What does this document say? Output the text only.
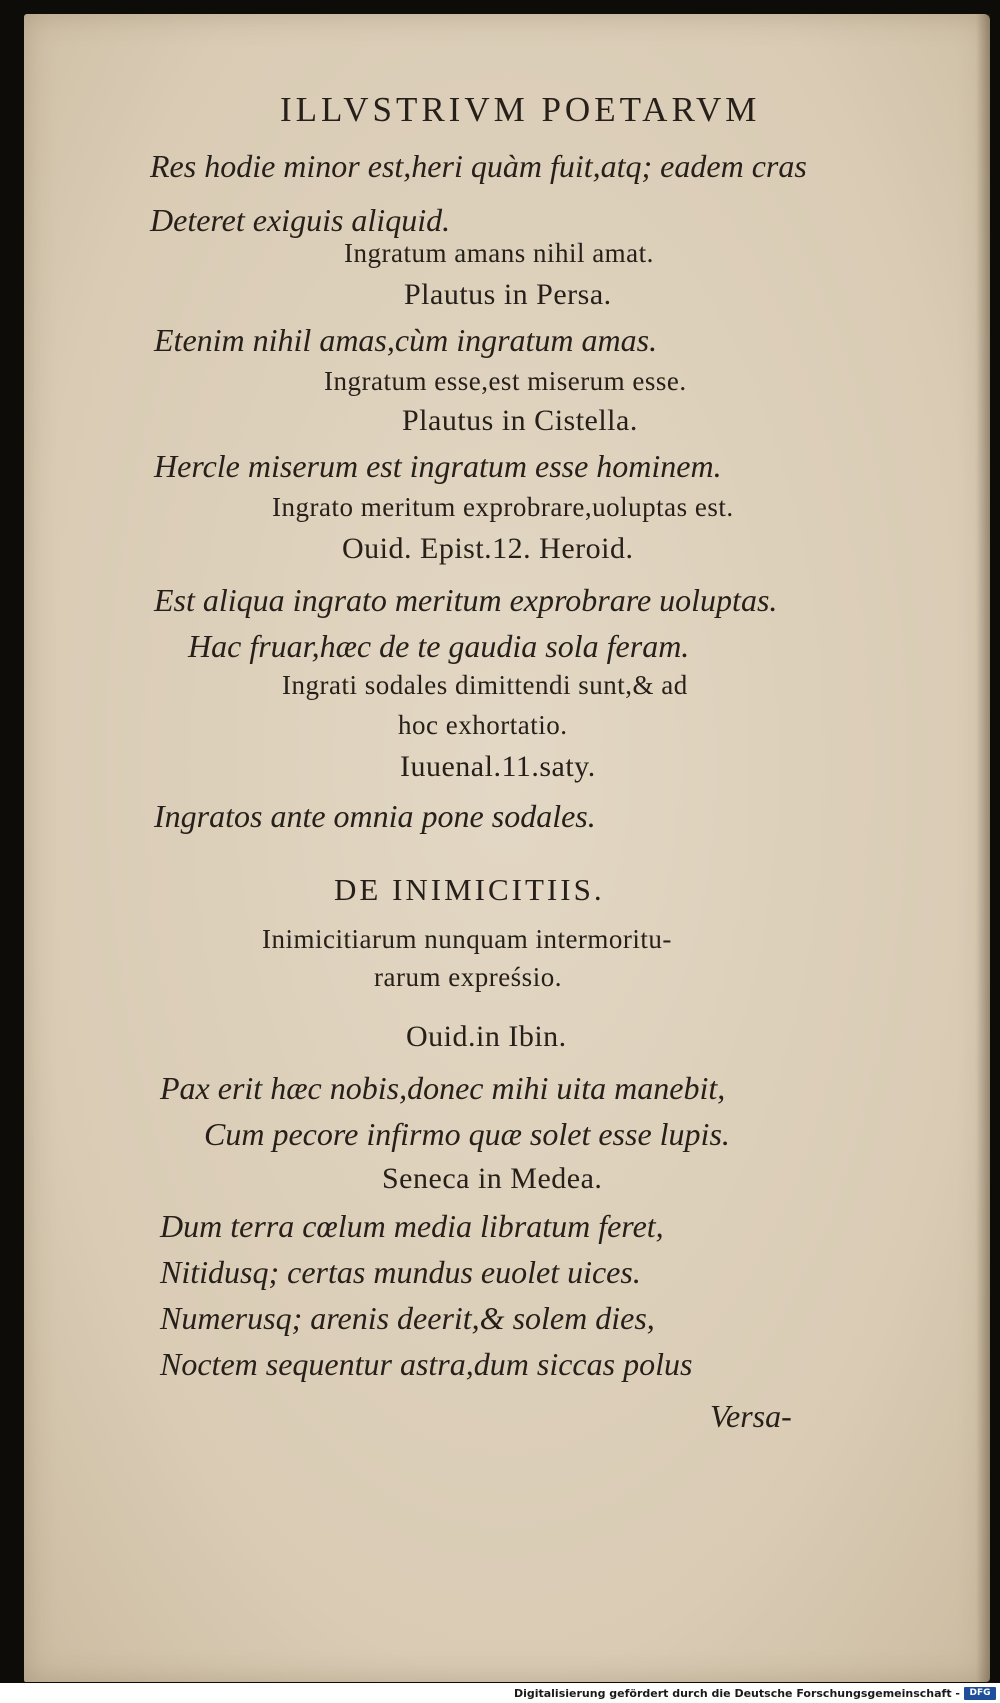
ILLVSTRIVM POETARVM
Res hodie minor est,heri quàm fuit,atq; eadem cras
Deteret exiguis aliquid.
Ingratum amans nihil amat.
Plautus in Persa.
Etenim nihil amas,cùm ingratum amas.
Ingratum esse,est miserum esse.
Plautus in Cistella.
Hercle miserum est ingratum esse hominem.
Ingrato meritum exprobrare,uoluptas est.
Ouid. Epist.12. Heroid.
Est aliqua ingrato meritum exprobrare uoluptas.
Hac fruar,hæc de te gaudia sola feram.
Ingrati sodales dimittendi sunt,& ad
hoc exhortatio.
Iuuenal.11.saty.
Ingratos ante omnia pone sodales.
DE INIMICITIIS.
Inimicitiarum nunquam intermoritu-
rarum expreśsio.
Ouid.in Ibin.
Pax erit hæc nobis,donec mihi uita manebit,
Cum pecore infirmo quæ solet esse lupis.
Seneca in Medea.
Dum terra cœlum media libratum feret,
Nitidusq; certas mundus euolet uices.
Numerusq; arenis deerit,& solem dies,
Noctem sequentur astra,dum siccas polus
Versa-
Digitalisierung gefördert durch die Deutsche Forschungsgemeinschaft -	DFG
